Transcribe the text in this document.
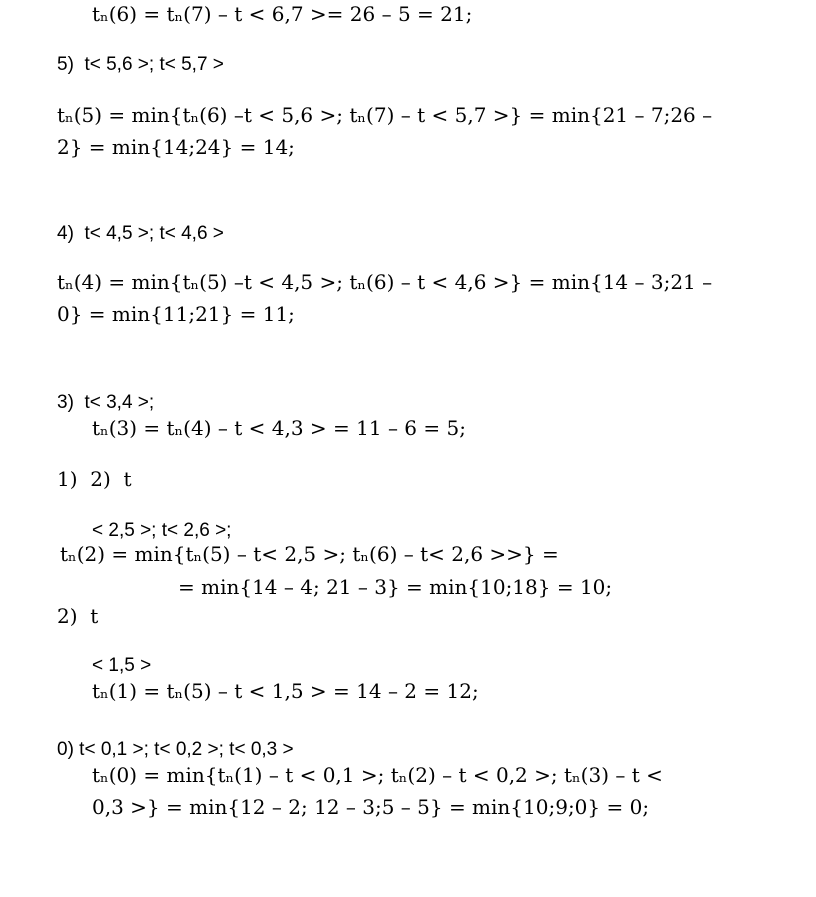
tₙ(6) = tₙ(7) – t < 6,7 >= 26 – 5 = 21;
5)  t< 5,6 >; t< 5,7 >
tₙ(5) = min{tₙ(6) –t < 5,6 >; tₙ(7) – t < 5,7 >} = min{21 – 7;26 –
2} = min{14;24} = 14;
4)  t< 4,5 >; t< 4,6 >
tₙ(4) = min{tₙ(5) –t < 4,5 >; tₙ(6) – t < 4,6 >} = min{14 – 3;21 –
0} = min{11;21} = 11;
3)  t< 3,4 >;
tₙ(3) = tₙ(4) – t < 4,3 > = 11 – 6 = 5;
1)  2)  t
< 2,5 >; t< 2,6 >;
tₙ(2) = min{tₙ(5) – t< 2,5 >; tₙ(6) – t< 2,6 >>} =
= min{14 – 4; 21 – 3} = min{10;18} = 10;
2)  t
< 1,5 >
tₙ(1) = tₙ(5) – t < 1,5 > = 14 – 2 = 12;
0) t< 0,1 >; t< 0,2 >; t< 0,3 >
tₙ(0) = min{tₙ(1) – t < 0,1 >; tₙ(2) – t < 0,2 >; tₙ(3) – t <
0,3 >} = min{12 – 2; 12 – 3;5 – 5} = min{10;9;0} = 0;
